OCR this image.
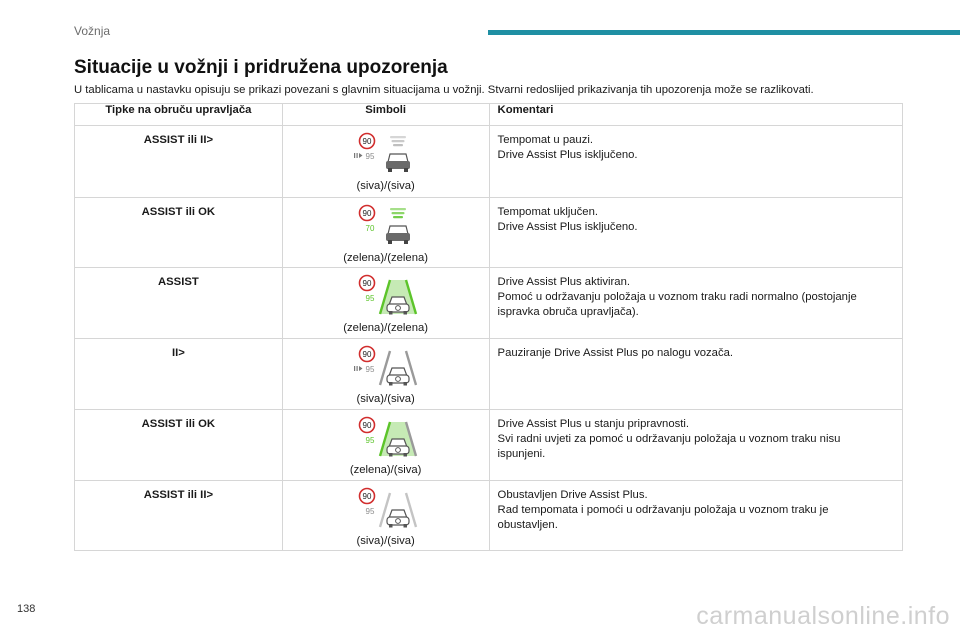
Vožnja
Situacije u vožnji i pridružena upozorenja

U tablicama u nastavku opisuju se prikazi povezani s glavnim situacijama u vožnji. Stvarni redoslijed prikazivanja tih upozorenja može se razlikovati.

Tipke na obruču upravljača	Simboli	Komentari
ASSIST ili II>	90
95
(siva)/(siva)	Tempomat u pauzi.
Drive Assist Plus isključeno.

ASSIST ili OK	90
70
(zelena)/(zelena)	Tempomat uključen.
Drive Assist Plus isključeno.

ASSIST	90
95
(zelena)/(zelena)	Drive Assist Plus aktiviran.
Pomoć u održavanju položaja u voznom traku radi normalno (postojanje
ispravka obruča upravljača).

II>	90
95
(siva)/(siva)	Pauziranje Drive Assist Plus po nalogu vozača.

ASSIST ili OK	90
95
(zelena)/(siva)	Drive Assist Plus u stanju pripravnosti.
Svi radni uvjeti za pomoć u održavanju položaja u voznom traku nisu
ispunjeni.

ASSIST ili II>	90
95
(siva)/(siva)	Obustavljen Drive Assist Plus.
Rad tempomata i pomoći u održavanju položaja u voznom traku je
obustavljen.
138	carmanualsonline.info
